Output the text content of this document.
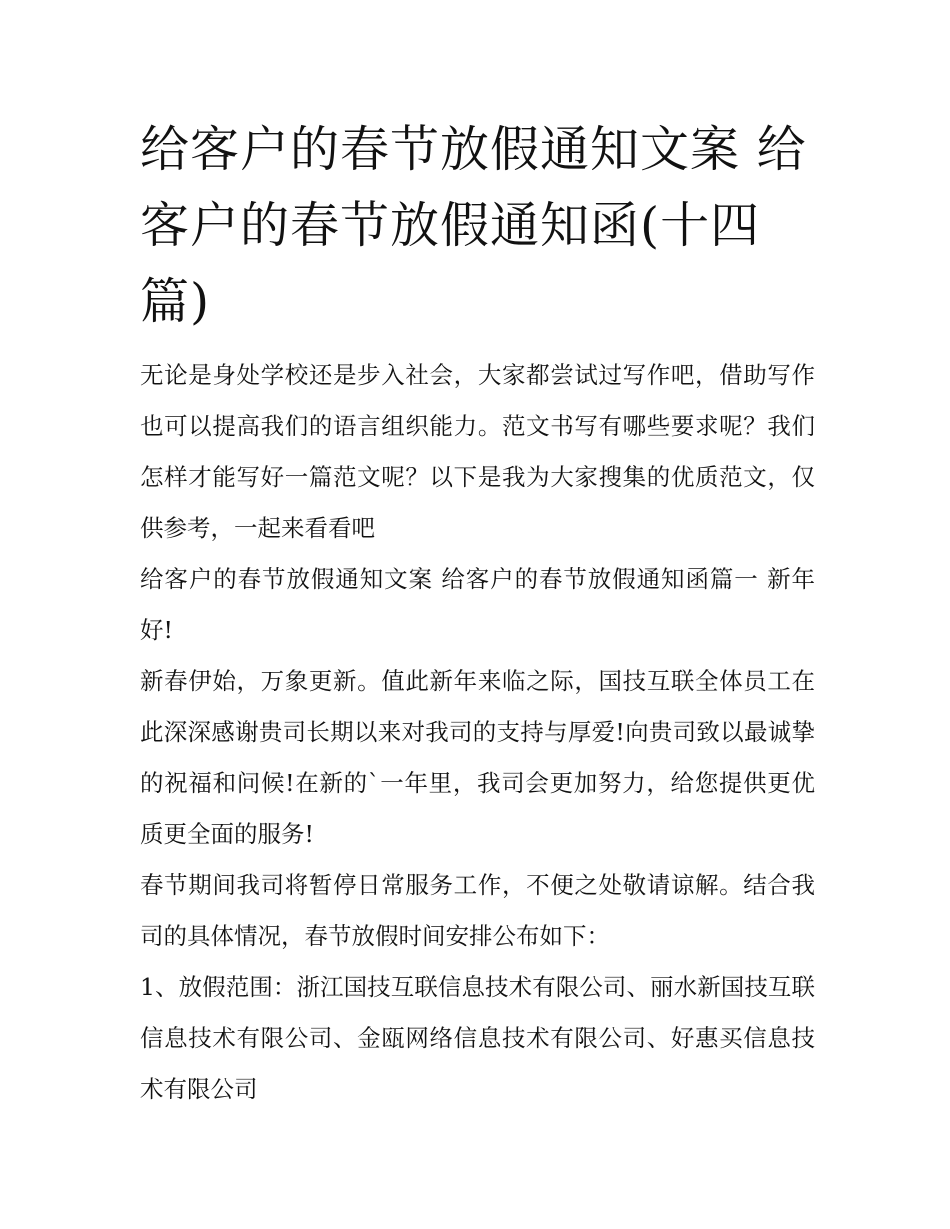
给客户的春节放假通知文案 给客户的春节放假通知函(十四篇)

无论是身处学校还是步入社会，大家都尝试过写作吧，借助写作也可以提高我们的语言组织能力。范文书写有哪些要求呢？我们怎样才能写好一篇范文呢？以下是我为大家搜集的优质范文，仅供参考，一起来看看吧

给客户的春节放假通知文案 给客户的春节放假通知函篇一 新年好!

新春伊始，万象更新。值此新年来临之际，国技互联全体员工在此深深感谢贵司长期以来对我司的支持与厚爱!向贵司致以最诚挚的祝福和问候!在新的`一年里，我司会更加努力，给您提供更优质更全面的服务!

春节期间我司将暂停日常服务工作，不便之处敬请谅解。结合我司的具体情况，春节放假时间安排公布如下：

1、放假范围：浙江国技互联信息技术有限公司、丽水新国技互联信息技术有限公司、金瓯网络信息技术有限公司、好惠买信息技术有限公司
